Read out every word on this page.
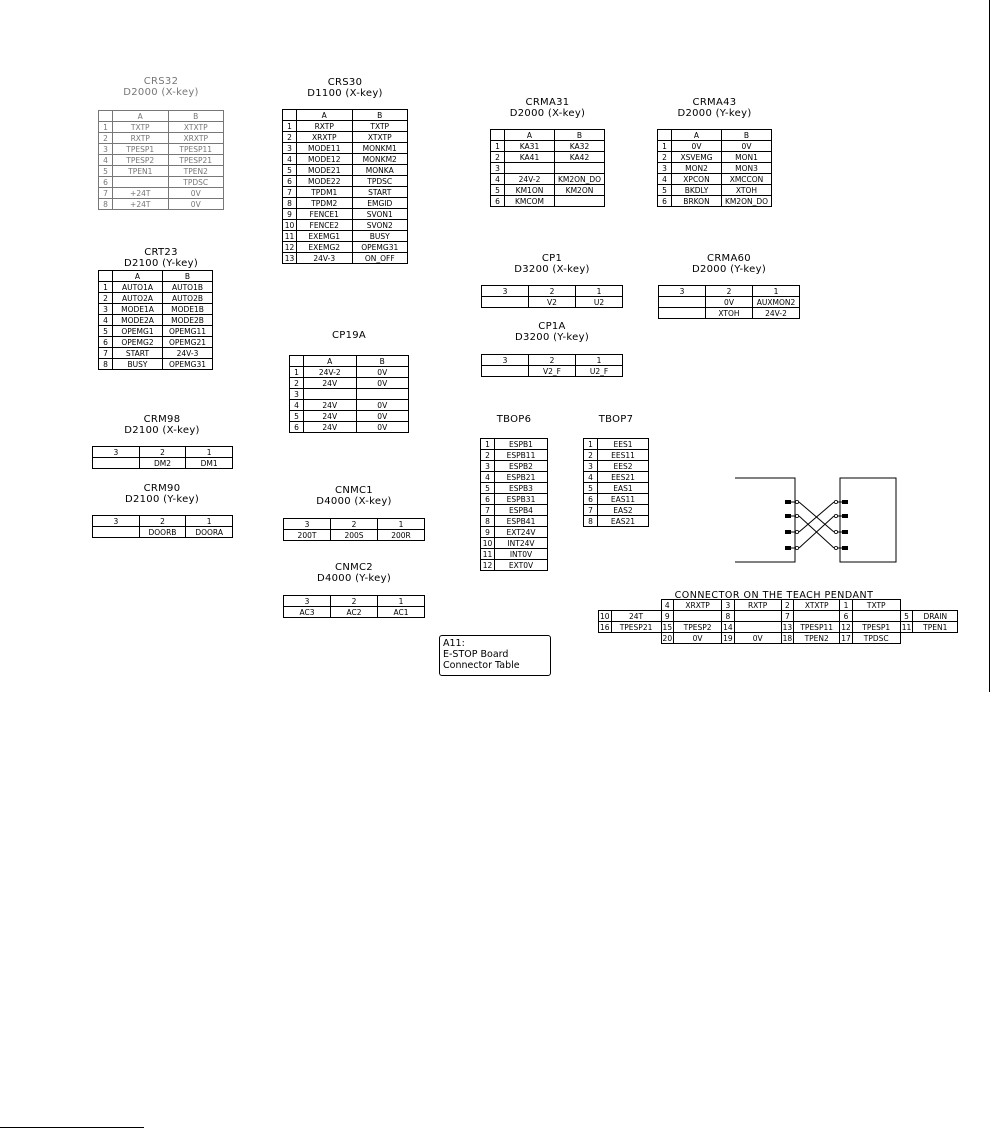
CRS32
D2000 (X-key)
	A	B
1	TXTP	XTXTP
2	RXTP	XRXTP
3	TPESP1	TPESP11
4	TPESP2	TPESP21
5	TPEN1	TPEN2
6		TPDSC
7	+24T	0V
8	+24T	0V
CRT23
D2100 (Y-key)
	A	B
1	AUTO1A	AUTO1B
2	AUTO2A	AUTO2B
3	MODE1A	MODE1B
4	MODE2A	MODE2B
5	OPEMG1	OPEMG11
6	OPEMG2	OPEMG21
7	START	24V-3
8	BUSY	OPEMG31
CRM98
D2100 (X-key)
3	2	1
	DM2	DM1
CRM90
D2100 (Y-key)
3	2	1
	DOORB	DOORA
CRS30
D1100 (X-key)
	A	B
1	RXTP	TXTP
2	XRXTP	XTXTP
3	MODE11	MONKM1
4	MODE12	MONKM2
5	MODE21	MONKA
6	MODE22	TPDSC
7	TPDM1	START
8	TPDM2	EMGID
9	FENCE1	SVON1
10	FENCE2	SVON2
11	EXEMG1	BUSY
12	EXEMG2	OPEMG31
13	24V-3	ON_OFF
CP19A
	A	B
1	24V-2	0V
2	24V	0V
3		
4	24V	0V
5	24V	0V
6	24V	0V
CNMC1
D4000 (X-key)
3	2	1
200T	200S	200R
CNMC2
D4000 (Y-key)
3	2	1
AC3	AC2	AC1
CRMA31
D2000 (X-key)
	A	B
1	KA31	KA32
2	KA41	KA42
3		
4	24V-2	KM2ON_DO
5	KM1ON	KM2ON
6	KMCOM	
CRMA43
D2000 (Y-key)
	A	B
1	0V	0V
2	XSVEMG	MON1
3	MON2	MON3
4	XPCON	XMCCON
5	BKDLY	XTOH
6	BRKON	KM2ON_DO
CP1
D3200 (X-key)
3	2	1
	V2	U2
CP1A
D3200 (Y-key)
3	2	1
	V2_F	U2_F
CRMA60
D2000 (Y-key)
3	2	1
	0V	AUXMON2
	XTOH	24V-2
TBOP6
1	ESPB1
2	ESPB11
3	ESPB2
4	ESPB21
5	ESPB3
6	ESPB31
7	ESPB4
8	ESPB41
9	EXT24V
10	INT24V
11	INT0V
12	EXT0V
TBOP7
1	EES1
2	EES11
3	EES2
4	EES21
5	EAS1
6	EAS11
7	EAS2
8	EAS21
A11:
E-STOP Board
Connector Table
CONNECTOR ON THE TEACH PENDANT
		4	XRXTP	3	RXTP	2	XTXTP	1	TXTP		
10	24T	9		8		7		6		5	DRAIN
16	TPESP21	15	TPESP2	14		13	TPESP11	12	TPESP1	11	TPEN1
		20	0V	19	0V	18	TPEN2	17	TPDSC		
